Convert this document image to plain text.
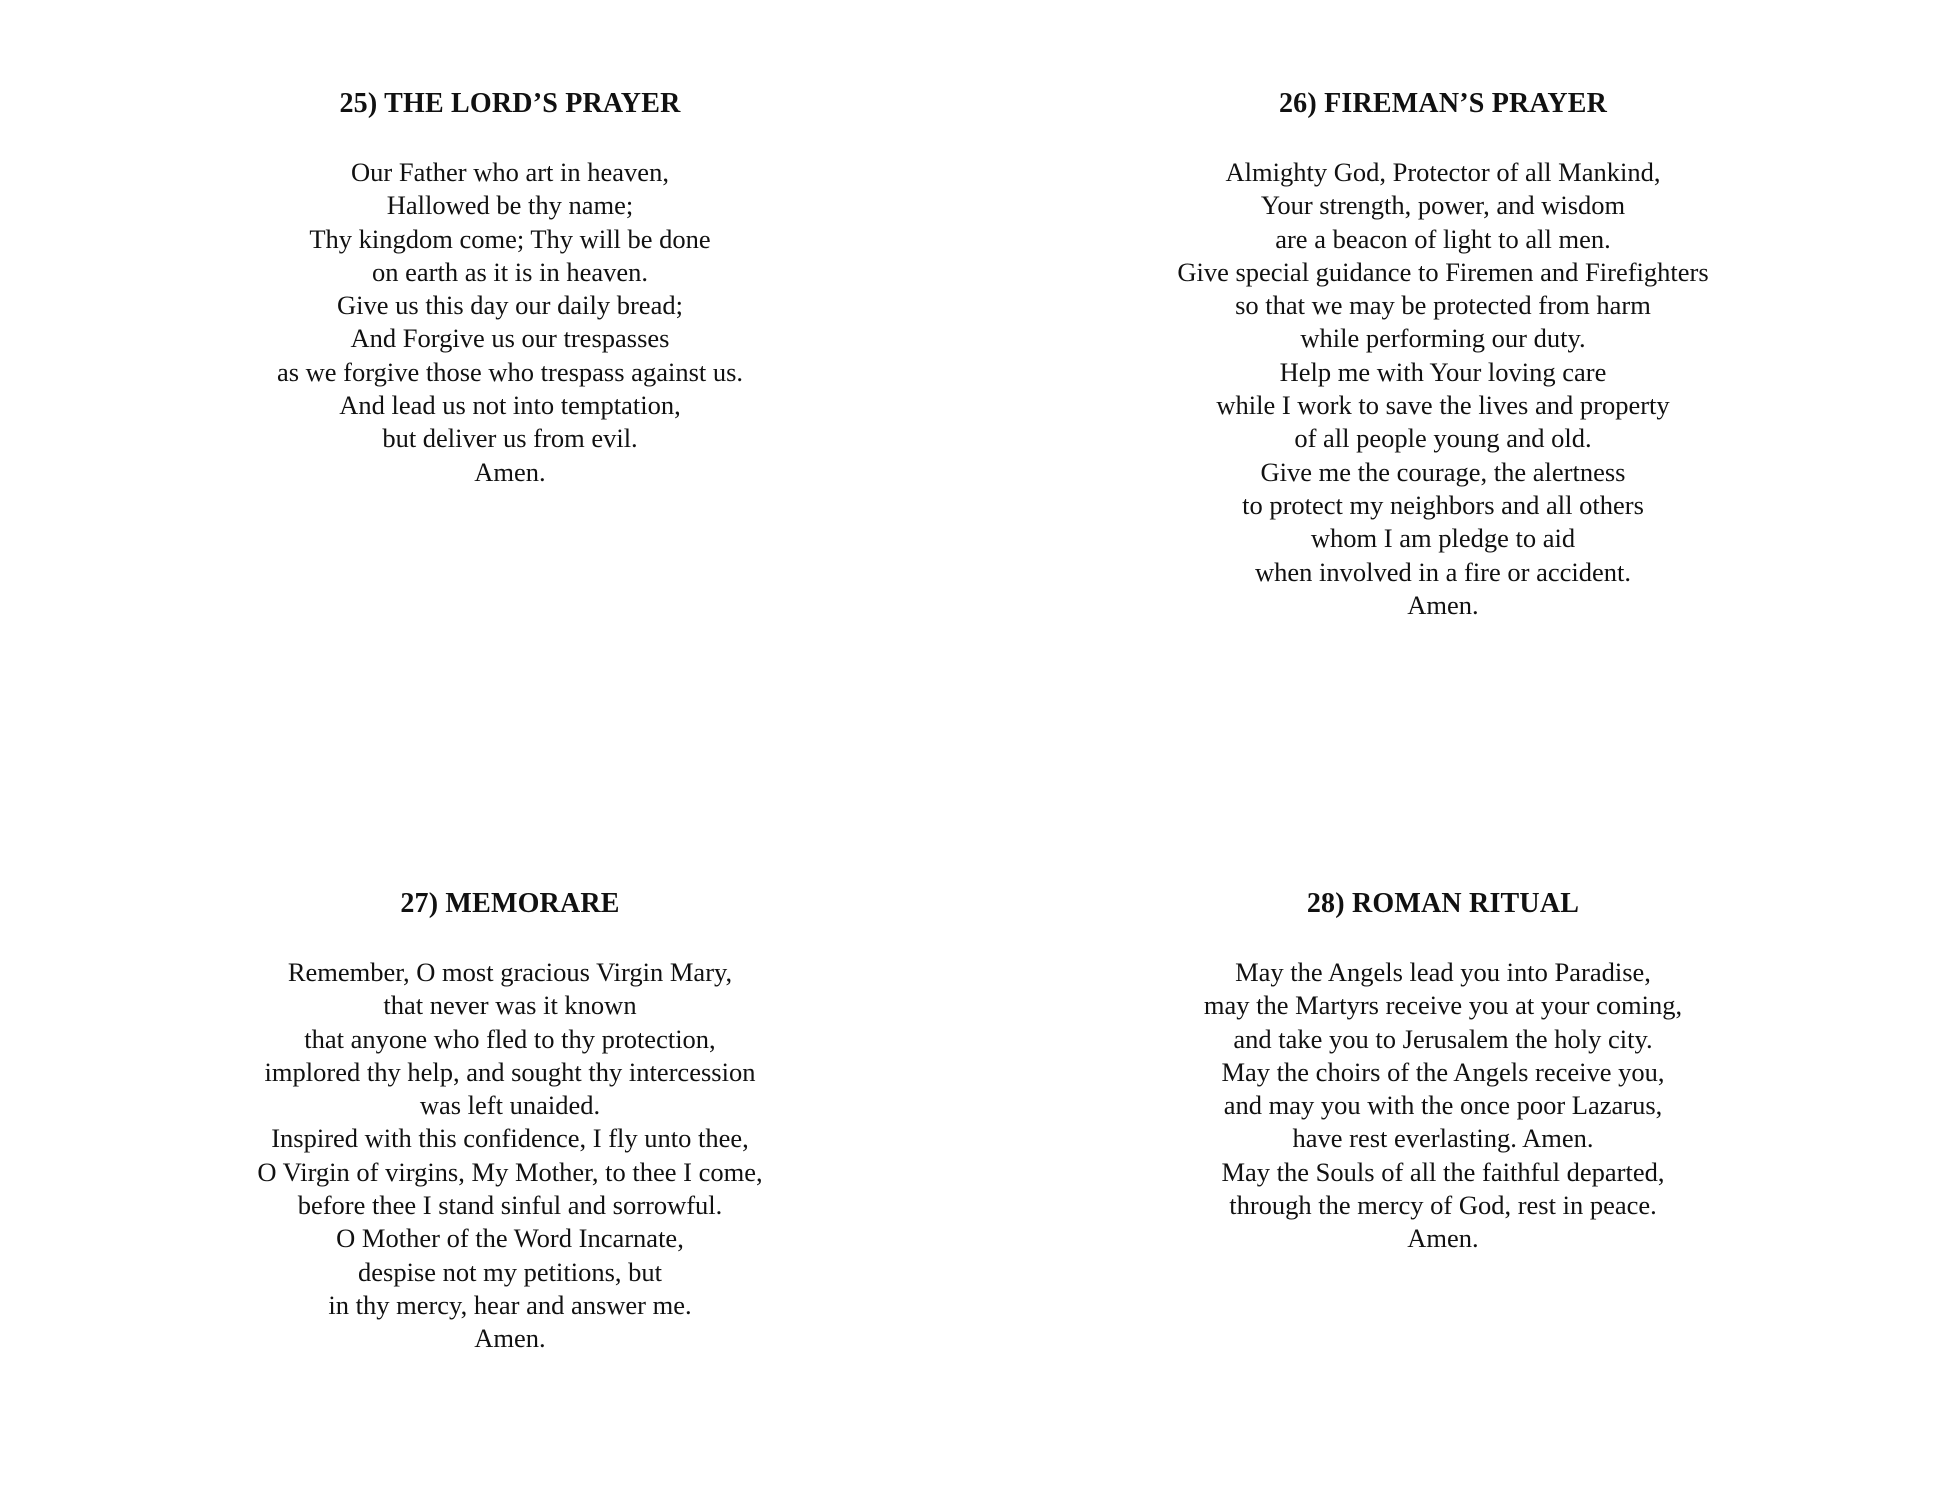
25) THE LORD’S PRAYER
Our Father who art in heaven,
Hallowed be thy name;
Thy kingdom come; Thy will be done
on earth as it is in heaven.
Give us this day our daily bread;
And Forgive us our trespasses
as we forgive those who trespass against us.
And lead us not into temptation,
but deliver us from evil.
Amen.
26) FIREMAN’S PRAYER
Almighty God, Protector of all Mankind,
Your strength, power, and wisdom
are a beacon of light to all men.
Give special guidance to Firemen and Firefighters
so that we may be protected from harm
while performing our duty.
Help me with Your loving care
while I work to save the lives and property
of all people young and old.
Give me the courage, the alertness
to protect my neighbors and all others
whom I am pledge to aid
when involved in a fire or accident.
Amen.
27) MEMORARE
Remember, O most gracious Virgin Mary,
that never was it known
that anyone who fled to thy protection,
implored thy help, and sought thy intercession
was left unaided.
Inspired with this confidence, I fly unto thee,
O Virgin of virgins, My Mother, to thee I come,
before thee I stand sinful and sorrowful.
O Mother of the Word Incarnate,
despise not my petitions, but
in thy mercy, hear and answer me.
Amen.
28) ROMAN RITUAL
May the Angels lead you into Paradise,
may the Martyrs receive you at your coming,
and take you to Jerusalem the holy city.
May the choirs of the Angels receive you,
and may you with the once poor Lazarus,
have rest everlasting. Amen.
May the Souls of all the faithful departed,
through the mercy of God, rest in peace.
Amen.
